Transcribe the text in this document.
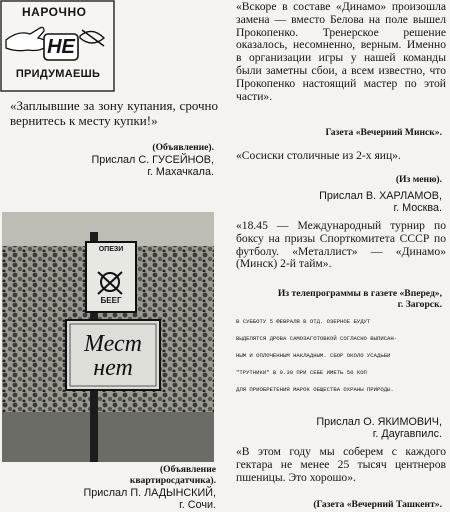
НАРОЧНО
НЕ
ПРИДУМАЕШЬ
«Заплывшие за зону купания, срочно вернитесь к месту купки!»
(Объявление).
Прислал С. ГУСЕЙНОВ,
г. Махачкала.
ОПЕЗИ
БЕЕГ
Мест нет
(Объявление
квартиросдатчика).
Прислал П. ЛАДЫНСКИЙ,
г. Сочи.
«Вскоре в составе «Динамо» произошла замена — вместо Белова на поле вышел Прокопенко. Тренерское решение оказалось, несомненно, верным. Именно в организации игры у нашей команды были заметны сбои, а всем известно, что Прокопенко настоящий мастер по этой части».
Газета «Вечерний Минск».
«Сосиски столичные из 2-х яиц».
(Из меню).
Прислал В. ХАРЛАМОВ,
г. Москва.
«18.45 — Международный турнир по боксу на призы Спорткомитета СССР по футболу. «Металлист» — «Динамо» (Минск) 2-й тайм».
Из телепрограммы в газете «Вперед»,
г. Загорск.
В СУББОТУ 5 ФЕВРАЛЯ В ОТД. ОЗЕРНОЕ БУДУТ
ВЫДЕЛЯТСЯ ДРОВА САМОЗАГОТОВКОЙ СОГЛАСНО ВЫПИСАН-
НЫМ И ОПЛОЧЕННЫМ НАКЛАДНЫМ. СБОР ОКОЛО УСАДЬБИ
"ТРУТНИКИ" В 9.30 ПРИ СЕБЕ ИМЕТЬ 50 КОП
ДЛЯ ПРИОБРЕТЕНИЯ МАРОК ОБЩЕСТВА ОХРАНЫ ПРИРОДЫ.
Прислал О. ЯКИМОВИЧ,
г. Даугавпилс.
«В этом году мы соберем с каждого гектара не менее 25 тысяч центнеров пшеницы. Это хорошо».
(Газета «Вечерний Ташкент».
